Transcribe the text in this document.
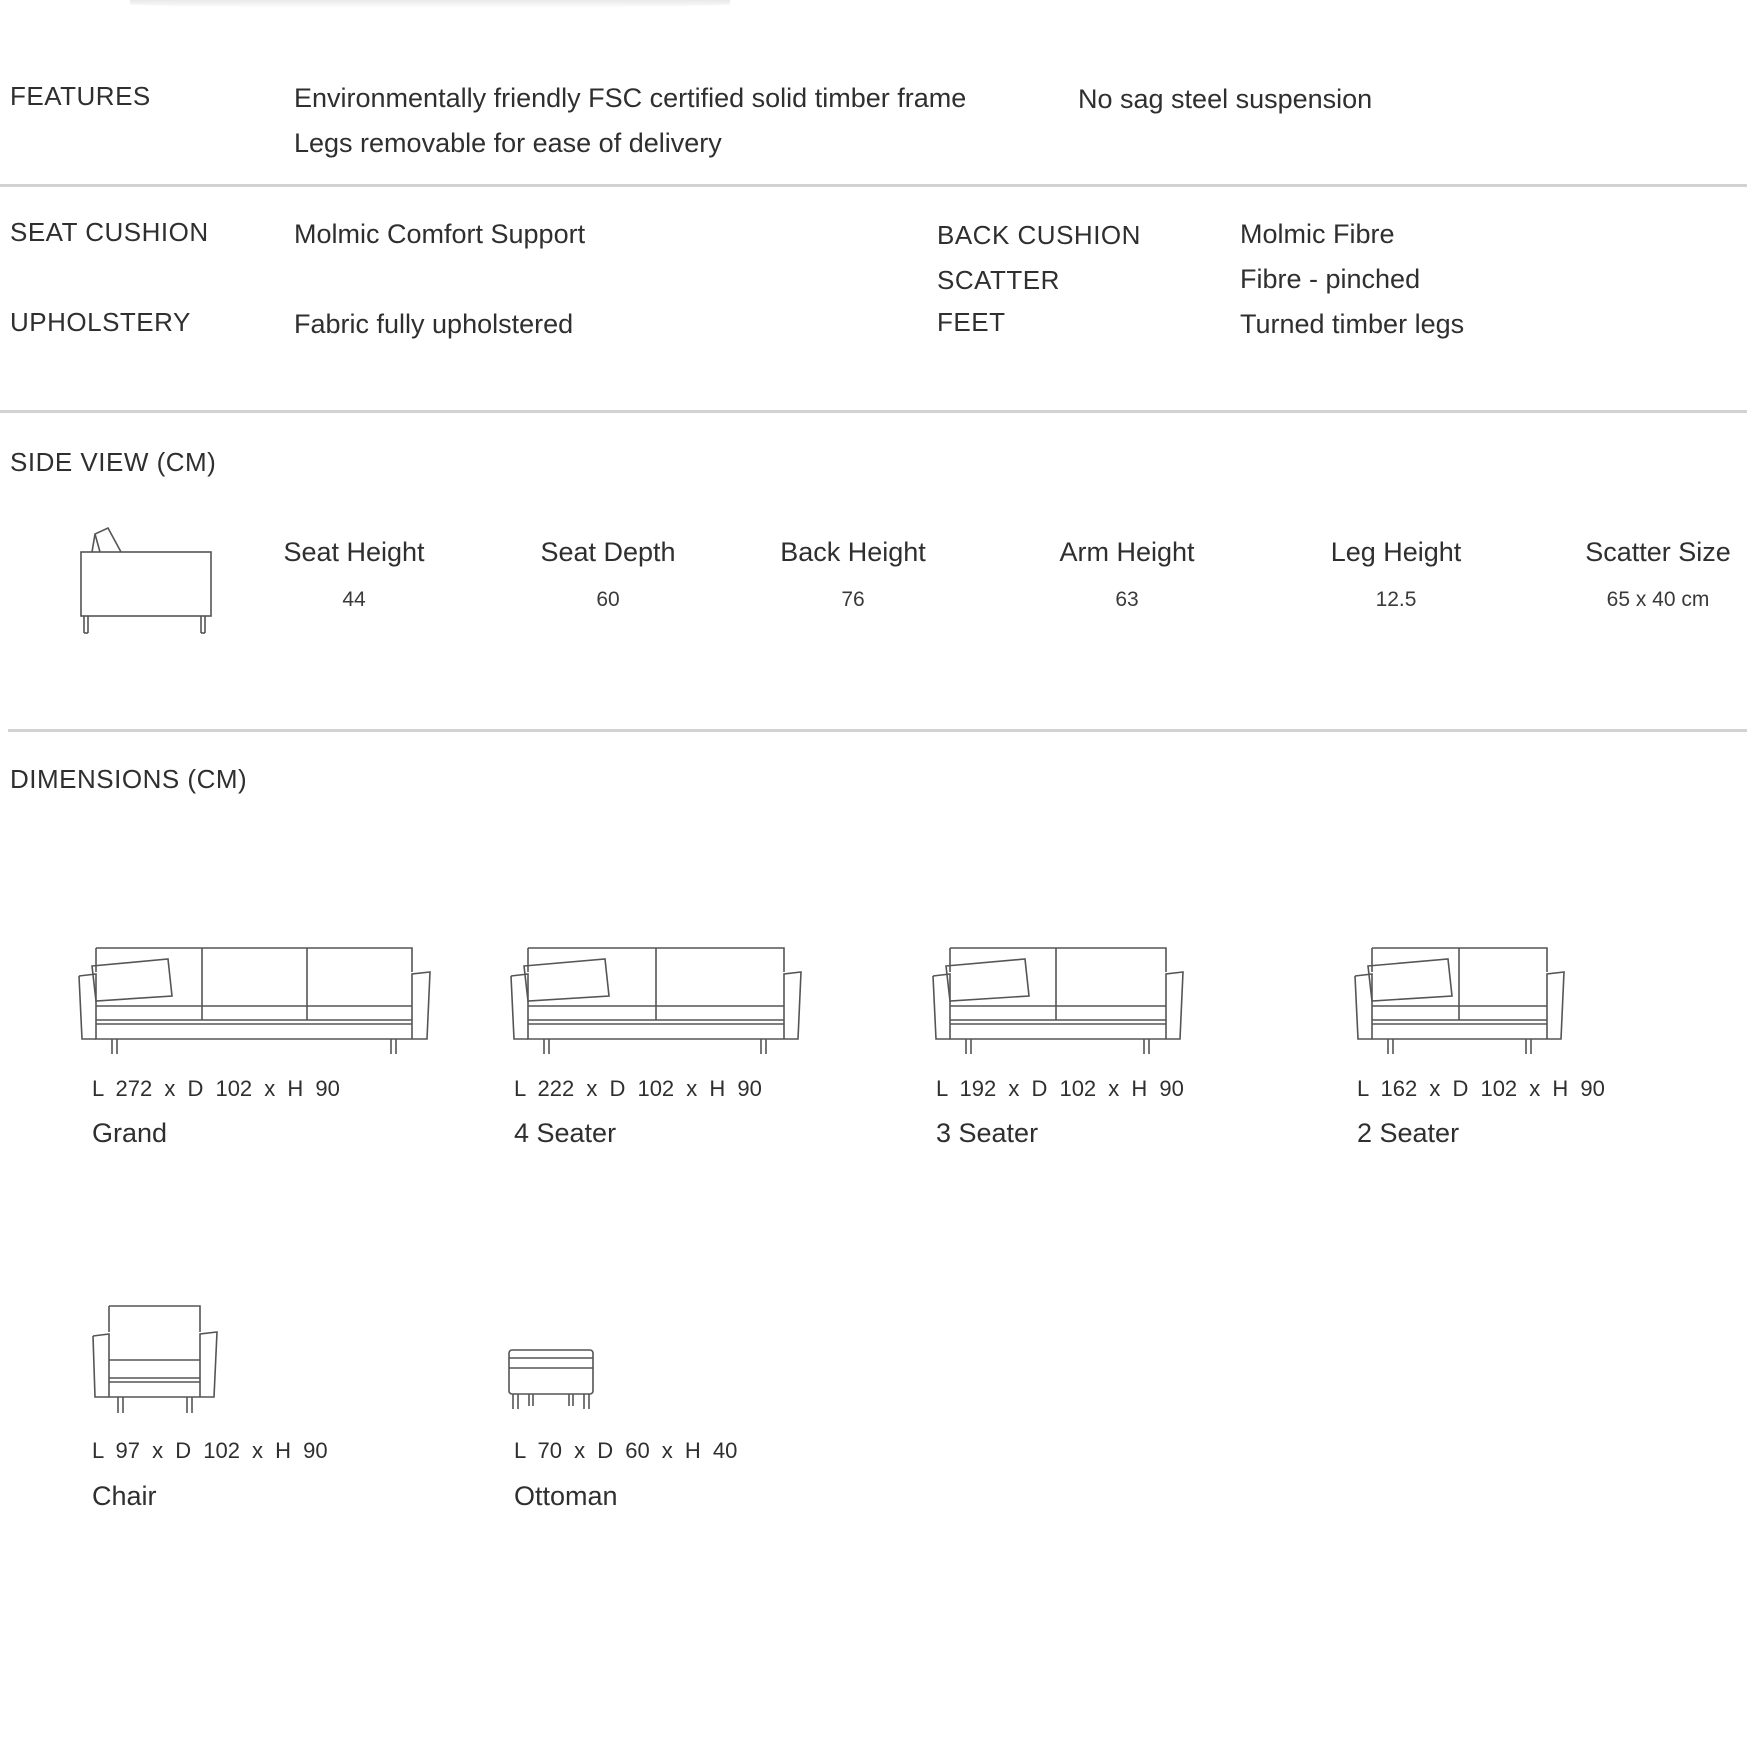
FEATURES	Environmentally friendly FSC certified solid timber frame	No sag steel suspension
Legs removable for ease of delivery
SEAT CUSHION	Molmic Comfort Support
UPHOLSTERY	Fabric fully upholstered
BACK CUSHION	Molmic Fibre
SCATTER	Fibre - pinched
FEET	Turned timber legs
SIDE VIEW (CM)
Seat Height
44
Seat Depth
60
Back Height
76
Arm Height
63
Leg Height
12.5
Scatter Size
65 x 40 cm
DIMENSIONS (CM)
L 272 x D 102 x H 90
Grand
L 222 x D 102 x H 90
4 Seater
L 192 x D 102 x H 90
3 Seater
L 162 x D 102 x H 90
2 Seater
L 97 x D 102 x H 90
Chair
L 70 x D 60 x H 40
Ottoman
